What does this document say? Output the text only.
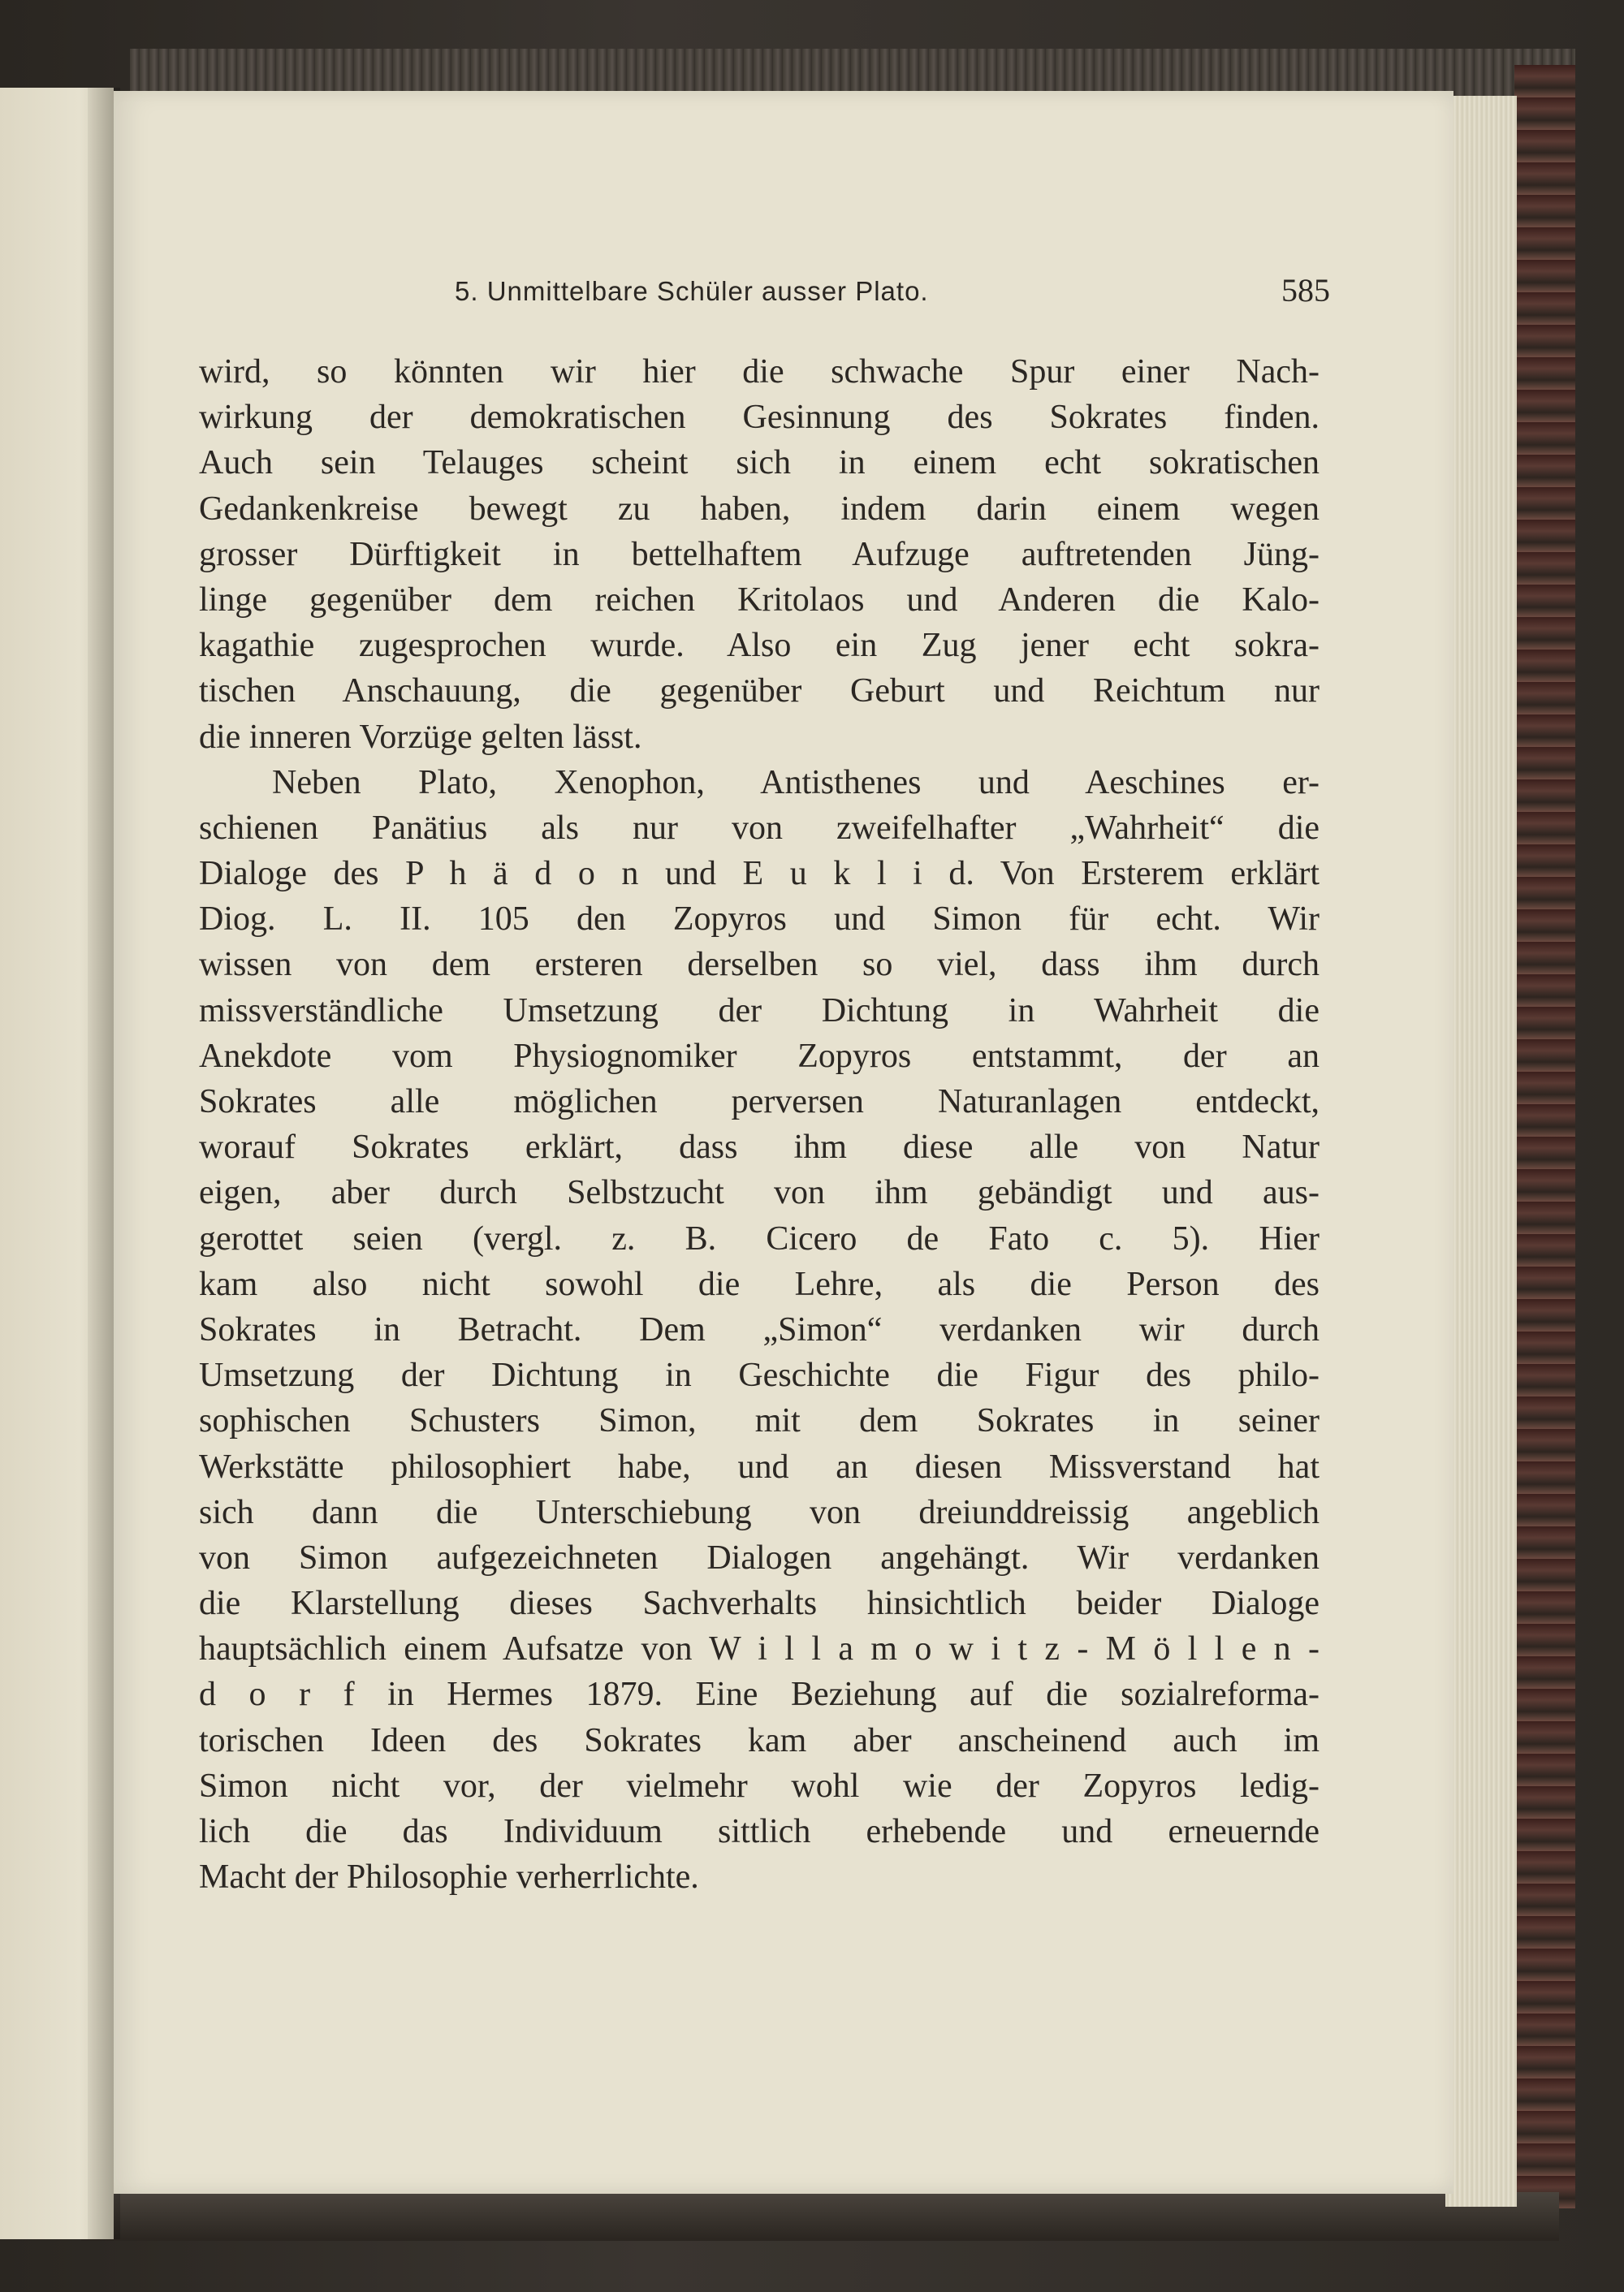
5. Unmittelbare Schüler ausser Plato.	585
wird, so könnten wir hier die schwache Spur einer Nach-
wirkung der demokratischen Gesinnung des Sokrates finden.
Auch sein Telauges scheint sich in einem echt sokratischen
Gedankenkreise bewegt zu haben, indem darin einem wegen
grosser Dürftigkeit in bettelhaftem Aufzuge auftretenden Jüng-
linge gegenüber dem reichen Kritolaos und Anderen die Kalo-
kagathie zugesprochen wurde. Also ein Zug jener echt sokra-
tischen Anschauung, die gegenüber Geburt und Reichtum nur
die inneren Vorzüge gelten lässt.
Neben Plato, Xenophon, Antisthenes und Aeschines er-
schienen Panätius als nur von zweifelhafter „Wahrheit“ die
Dialoge des P h ä d o n und E u k l i d. Von Ersterem erklärt
Diog. L. II. 105 den Zopyros und Simon für echt. Wir
wissen von dem ersteren derselben so viel, dass ihm durch
missverständliche Umsetzung der Dichtung in Wahrheit die
Anekdote vom Physiognomiker Zopyros entstammt, der an
Sokrates alle möglichen perversen Naturanlagen entdeckt,
worauf Sokrates erklärt, dass ihm diese alle von Natur
eigen, aber durch Selbstzucht von ihm gebändigt und aus-
gerottet seien (vergl. z. B. Cicero de Fato c. 5). Hier
kam also nicht sowohl die Lehre, als die Person des
Sokrates in Betracht. Dem „Simon“ verdanken wir durch
Umsetzung der Dichtung in Geschichte die Figur des philo-
sophischen Schusters Simon, mit dem Sokrates in seiner
Werkstätte philosophiert habe, und an diesen Missverstand hat
sich dann die Unterschiebung von dreiunddreissig angeblich
von Simon aufgezeichneten Dialogen angehängt. Wir verdanken
die Klarstellung dieses Sachverhalts hinsichtlich beider Dialoge
hauptsächlich einem Aufsatze von W i l l a m o w i t z - M ö l l e n -
d o r f in Hermes 1879. Eine Beziehung auf die sozialreforma-
torischen Ideen des Sokrates kam aber anscheinend auch im
Simon nicht vor, der vielmehr wohl wie der Zopyros ledig-
lich die das Individuum sittlich erhebende und erneuernde
Macht der Philosophie verherrlichte.
